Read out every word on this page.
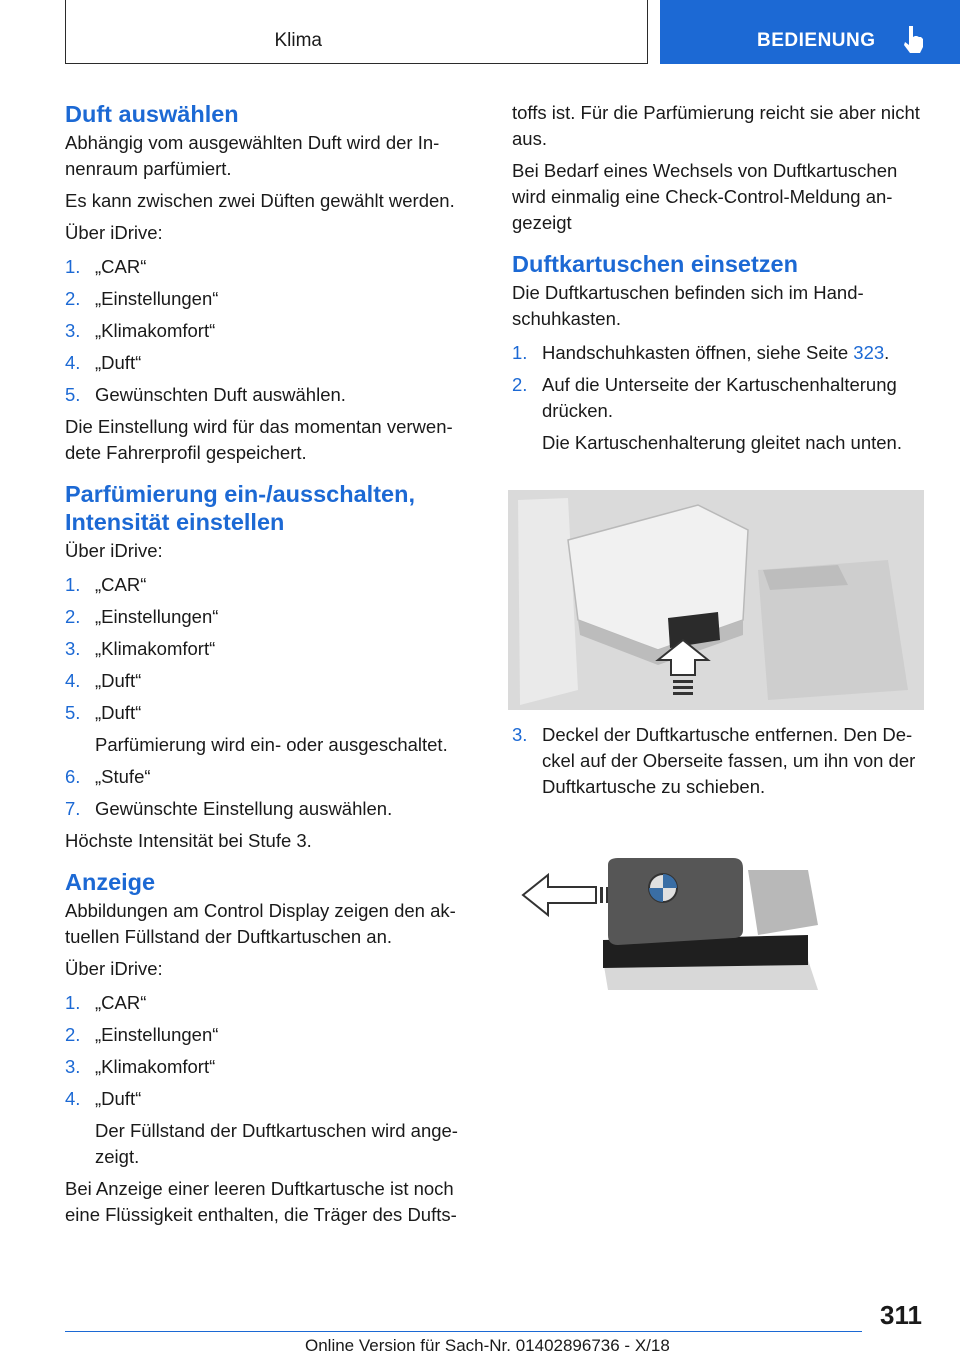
Klima	BEDIENUNG
Duft auswählen

Abhängig vom ausgewählten Duft wird der In-nenraum parfümiert.

Es kann zwischen zwei Düften gewählt werden.

Über iDrive:

1. „CAR“
2. „Einstellungen“
3. „Klimakomfort“
4. „Duft“
5. Gewünschten Duft auswählen.

Die Einstellung wird für das momentan verwen-dete Fahrerprofil gespeichert.

Parfümierung ein-/ausschalten, Intensität einstellen

Über iDrive:

1. „CAR“
2. „Einstellungen“
3. „Klimakomfort“
4. „Duft“
5. „Duft“
Parfümierung wird ein- oder ausgeschaltet.
6. „Stufe“
7. Gewünschte Einstellung auswählen.

Höchste Intensität bei Stufe 3.

Anzeige

Abbildungen am Control Display zeigen den ak-tuellen Füllstand der Duftkartuschen an.

Über iDrive:

1. „CAR“
2. „Einstellungen“
3. „Klimakomfort“
4. „Duft“
Der Füllstand der Duftkartuschen wird ange-zeigt.

Bei Anzeige einer leeren Duftkartusche ist noch eine Flüssigkeit enthalten, die Träger des Dufts-

toffs ist. Für die Parfümierung reicht sie aber nicht aus.

Bei Bedarf eines Wechsels von Duftkartuschen wird einmalig eine Check-Control-Meldung an-gezeigt

Duftkartuschen einsetzen

Die Duftkartuschen befinden sich im Hand-schuhkasten.

1. Handschuhkasten öffnen, siehe Seite 323.
2. Auf die Unterseite der Kartuschenhalterung drücken.
Die Kartuschenhalterung gleitet nach unten.
3. Deckel der Duftkartusche entfernen. Den De-ckel auf der Oberseite fassen, um ihn von der Duftkartusche zu schieben.
311
Online Version für Sach-Nr. 01402896736 - X/18
